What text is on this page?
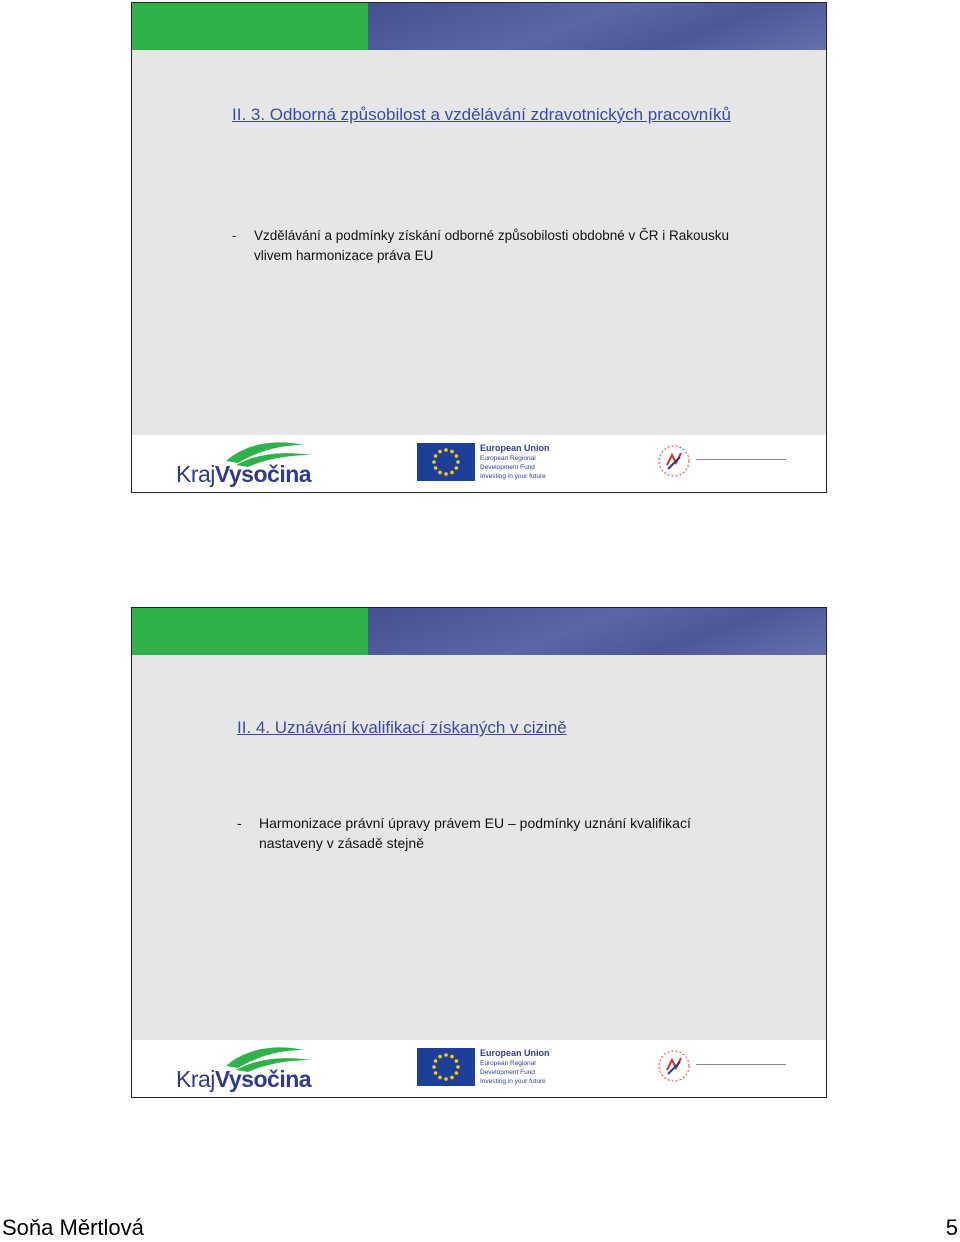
II. 3. Odborná způsobilost a vzdělávání zdravotnických pracovníků
-	Vzdělávání a podmínky získání odborné způsobilosti obdobné v ČR i Rakousku vlivem harmonizace práva EU
KrajVysočina
European Union
European Regional
Development Fund
Investing in your future
II. 4. Uznávání kvalifikací získaných v cizině
-	Harmonizace právní úpravy právem EU – podmínky uznání kvalifikací nastaveny v zásadě stejně
KrajVysočina
European Union
European Regional
Development Fund
Investing in your future
Soňa Měrtlová	5
